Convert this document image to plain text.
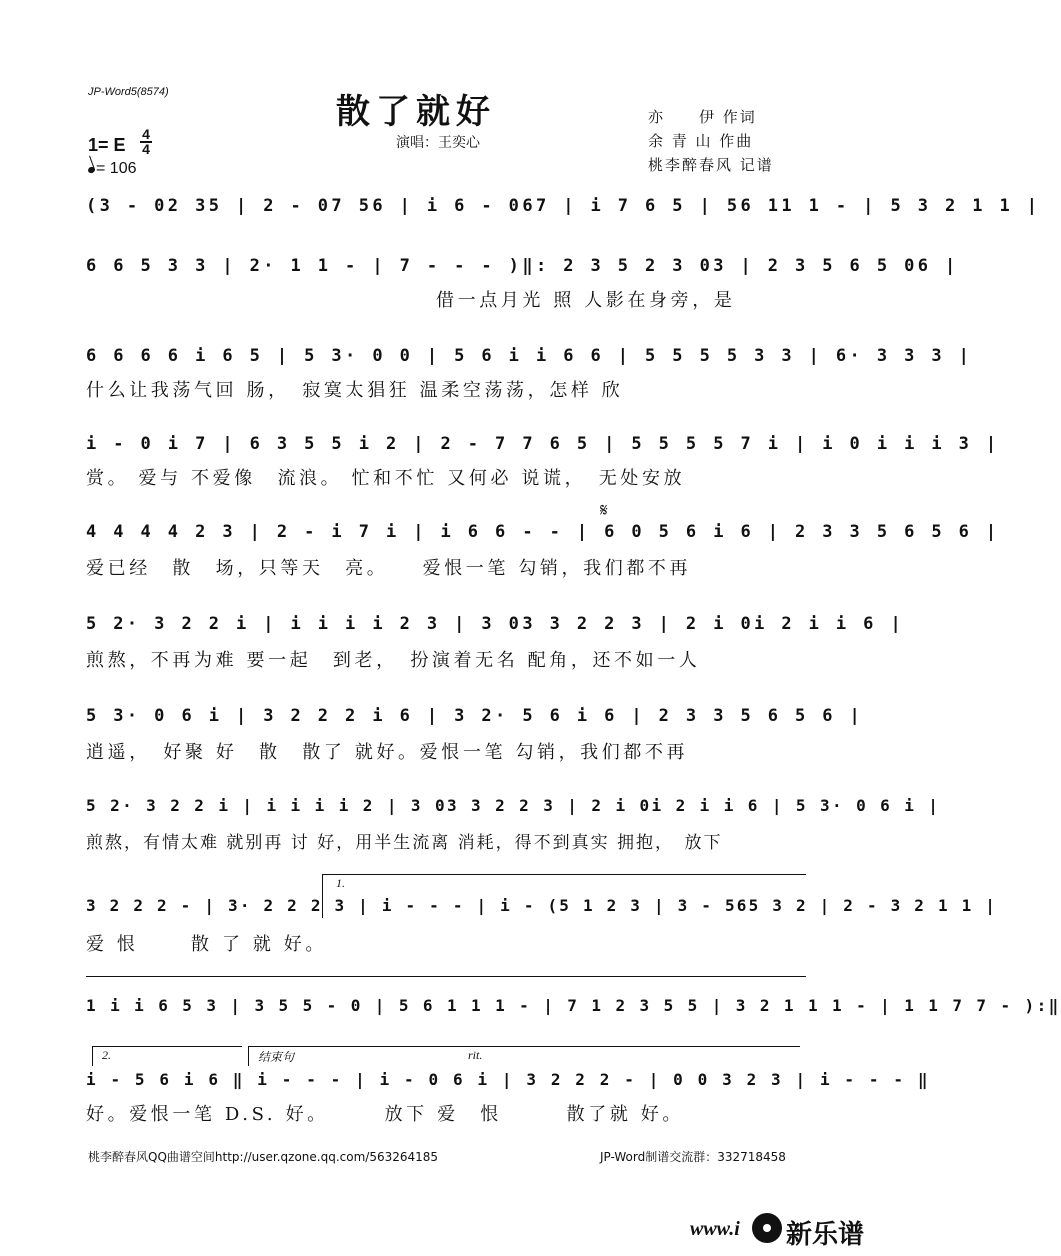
JP-Word5(8574)	散了就好
演唱：王奕心
亦　　伊 作词
余 青 山 作曲
桃李醉春风 记谱
1= E
4
4
= 106
(3 - 02 35 | 2 - 07 56 | i 6 - 067 | i 7 6 5 | 56 11 1 - | 5 3 2 1 1 |
6 6 5 3 3 | 2· 1 1 - | 7 - - - )‖: 2 3 5 2 3 03 | 2 3 5 6 5 06 |
借一点月光 照 人影在身旁，是
6 6 6 6 i 6 5 | 5 3· 0 0 | 5 6 i i 6 6 | 5 5 5 5 3 3 | 6· 3 3 3 |
什么让我荡气回 肠，　寂寞太猖狂 温柔空荡荡，怎样 欣
i - 0 i 7 | 6 3 5 5 i 2 | 2 - 7 7 6 5 | 5 5 5 5 7 i | i 0 i i i 3 |
赏。 爱与 不爱像　流浪。 忙和不忙 又何必 说谎，　无处安放
𝄋
4 4 4 4 2 3 | 2 - i 7 i | i 6 6 - - | 6 0 5 6 i 6 | 2 3 3 5 6 5 6 |
爱已经　散　场，只等天　亮。　　爱恨一笔 勾销，我们都不再
5 2· 3 2 2 i | i i i i 2 3 | 3 03 3 2 2 3 | 2 i 0i 2 i i 6 |
煎熬，不再为难 要一起　到老，　扮演着无名 配角，还不如一人
5 3· 0 6 i | 3 2 2 2 i 6 | 3 2· 5 6 i 6 | 2 3 3 5 6 5 6 |
逍遥，　好聚 好　散　散了 就好。爱恨一笔 勾销，我们都不再
5 2· 3 2 2 i | i i i i 2 | 3 03 3 2 2 3 | 2 i 0i 2 i i 6 | 5 3· 0 6 i |
煎熬，有情太难 就别再 讨 好，用半生流离 消耗，得不到真实 拥抱，　放下
1.
3 2 2 2 - | 3· 2 2 2 3 | i - - - | i - (5 1 2 3 | 3 - 565 3 2 | 2 - 3 2 1 1 |
爱 恨　　 散 了 就 好。
1 i i 6 5 3 | 3 5 5 - 0 | 5 6 1 1 1 - | 7 1 2 3 5 5 | 3 2 1 1 1 - | 1 1 7 7 - ):‖
2.	结束句	rit.
i - 5 6 i 6 ‖ i - - - | i - 0 6 i | 3 2 2 2 - | 0 0 3 2 3 | i - - - ‖
好。爱恨一笔 D.S. 好。　　　放下 爱　恨　　　散了就 好。
桃李醉春风QQ曲谱空间http://user.qzone.qq.com/563264185	JP-Word制谱交流群：332718458
www.i 新乐谱
